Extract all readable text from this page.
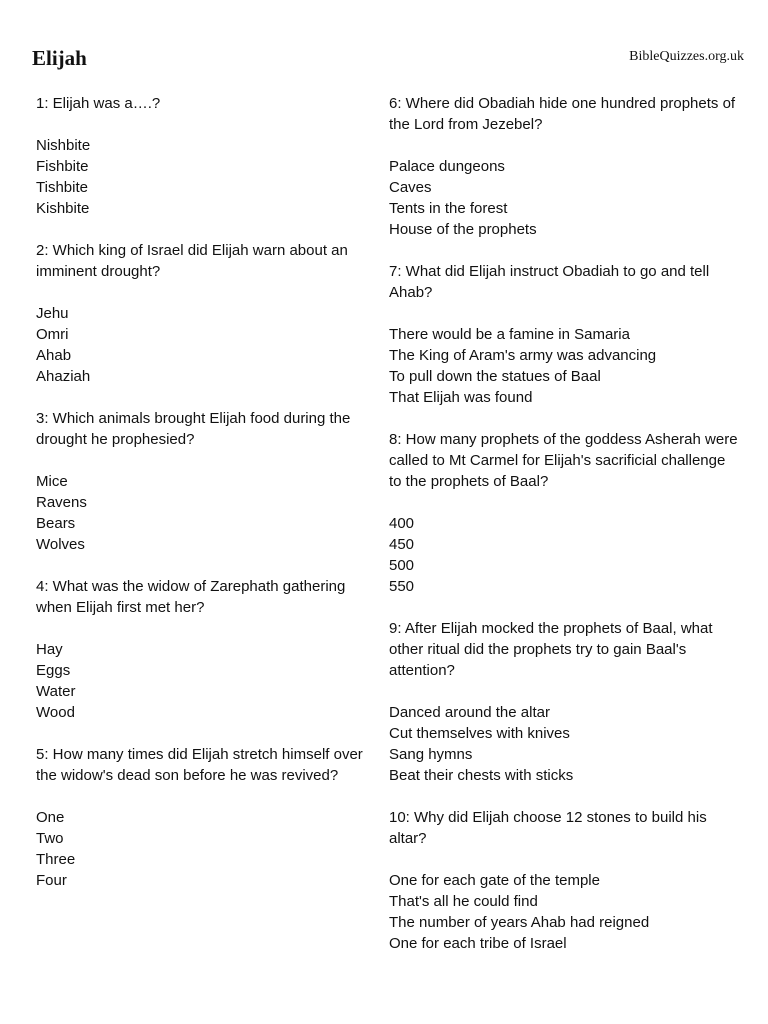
Elijah	BibleQuizzes.org.uk
1: Elijah was a….?
Nishbite
Fishbite
Tishbite
Kishbite
2: Which king of Israel did Elijah warn about an imminent drought?
Jehu
Omri
Ahab
Ahaziah
3: Which animals brought Elijah food during the drought he prophesied?
Mice
Ravens
Bears
Wolves
4: What was the widow of Zarephath gathering when Elijah first met her?
Hay
Eggs
Water
Wood
5: How many times did Elijah stretch himself over the widow's dead son before he was revived?
One
Two
Three
Four
6: Where did Obadiah hide one hundred prophets of the Lord from Jezebel?
Palace dungeons
Caves
Tents in the forest
House of the prophets
7: What did Elijah instruct Obadiah to go and tell Ahab?
There would be a famine in Samaria
The King of Aram's army was advancing
To pull down the statues of Baal
That Elijah was found
8: How many prophets of the goddess Asherah were called to Mt Carmel for Elijah's sacrificial challenge to the prophets of Baal?
400
450
500
550
9: After Elijah mocked the prophets of Baal, what other ritual did the prophets try to gain Baal's attention?
Danced around the altar
Cut themselves with knives
Sang hymns
Beat their chests with sticks
10: Why did Elijah choose 12 stones to build his altar?
One for each gate of the temple
That's all he could find
The number of years Ahab had reigned
One for each tribe of Israel
